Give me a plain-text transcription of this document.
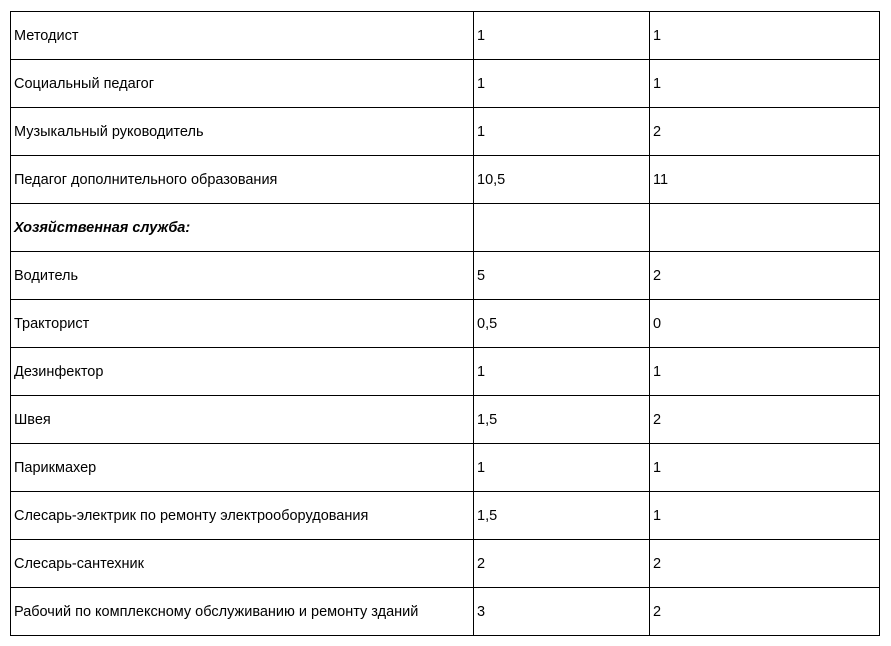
Методист	1	1
Социальный педагог	1	1
Музыкальный руководитель	1	2
Педагог дополнительного образования	10,5	11
Хозяйственная служба:		
Водитель	5	2
Тракторист	0,5	0
Дезинфектор	1	1
Швея	1,5	2
Парикмахер	1	1
Слесарь-электрик по ремонту электрооборудования	1,5	1
Слесарь-сантехник	2	2
Рабочий по комплексному обслуживанию и ремонту зданий	3	2
